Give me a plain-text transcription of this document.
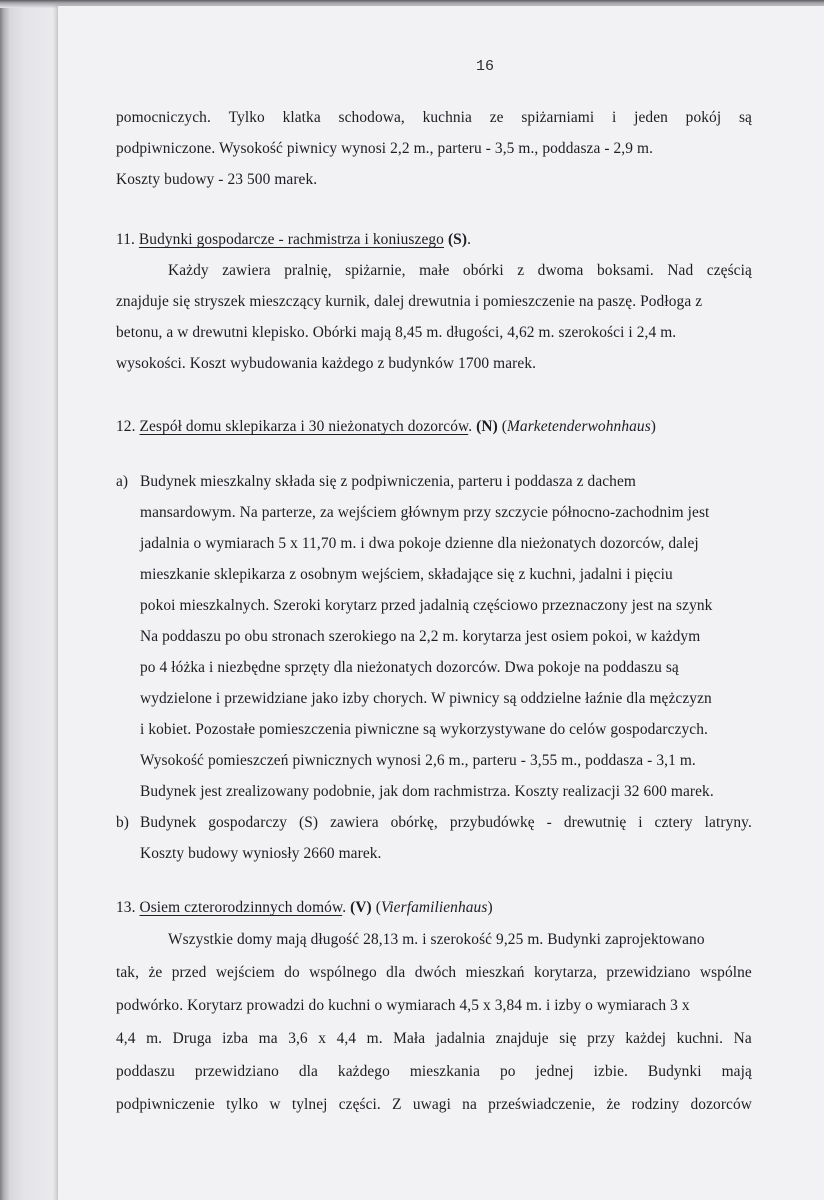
16
pomocniczych. Tylko klatka schodowa, kuchnia ze spiżarniami i jeden pokój są
podpiwniczone. Wysokość piwnicy wynosi 2,2 m., parteru - 3,5 m., poddasza - 2,9 m.
Koszty budowy - 23 500 marek.
11. Budynki gospodarcze - rachmistrza i koniuszego (S).
Każdy zawiera pralnię, spiżarnie, małe obórki z dwoma boksami. Nad częścią
znajduje się stryszek mieszczący kurnik, dalej drewutnia i pomieszczenie na paszę. Podłoga z
betonu, a w drewutni klepisko. Obórki mają 8,45 m. długości, 4,62 m. szerokości i 2,4 m.
wysokości. Koszt wybudowania każdego z budynków 1700 marek.
12. Zespół domu sklepikarza i 30 nieżonatych dozorców. (N) (Marketenderwohnhaus)
a) Budynek mieszkalny składa się z podpiwniczenia, parteru i poddasza z dachem
mansardowym. Na parterze, za wejściem głównym przy szczycie północno-zachodnim jest
jadalnia o wymiarach 5 x 11,70 m. i dwa pokoje dzienne dla nieżonatych dozorców, dalej
mieszkanie sklepikarza z osobnym wejściem, składające się z kuchni, jadalni i pięciu
pokoi mieszkalnych. Szeroki korytarz przed jadalnią częściowo przeznaczony jest na szynk
Na poddaszu po obu stronach szerokiego na 2,2 m. korytarza jest osiem pokoi, w każdym
po 4 łóżka i niezbędne sprzęty dla nieżonatych dozorców. Dwa pokoje na poddaszu są
wydzielone i przewidziane jako izby chorych. W piwnicy są oddzielne łaźnie dla mężczyzn
i kobiet. Pozostałe pomieszczenia piwniczne są wykorzystywane do celów gospodarczych.
Wysokość pomieszczeń piwnicznych wynosi 2,6 m., parteru - 3,55 m., poddasza - 3,1 m.
Budynek jest zrealizowany podobnie, jak dom rachmistrza. Koszty realizacji 32 600 marek.
b) Budynek gospodarczy (S) zawiera obórkę, przybudówkę - drewutnię i cztery latryny.
Koszty budowy wyniosły 2660 marek.
13. Osiem czterorodzinnych domów. (V) (Vierfamilienhaus)
Wszystkie domy mają długość 28,13 m. i szerokość 9,25 m. Budynki zaprojektowano
tak, że przed wejściem do wspólnego dla dwóch mieszkań korytarza, przewidziano wspólne
podwórko. Korytarz prowadzi do kuchni o wymiarach 4,5 x 3,84 m. i izby o wymiarach 3 x
4,4 m. Druga izba ma 3,6 x 4,4 m. Mała jadalnia znajduje się przy każdej kuchni. Na
poddaszu przewidziano dla każdego mieszkania po jednej izbie. Budynki mają
podpiwniczenie tylko w tylnej części. Z uwagi na przeświadczenie, że rodziny dozorców
